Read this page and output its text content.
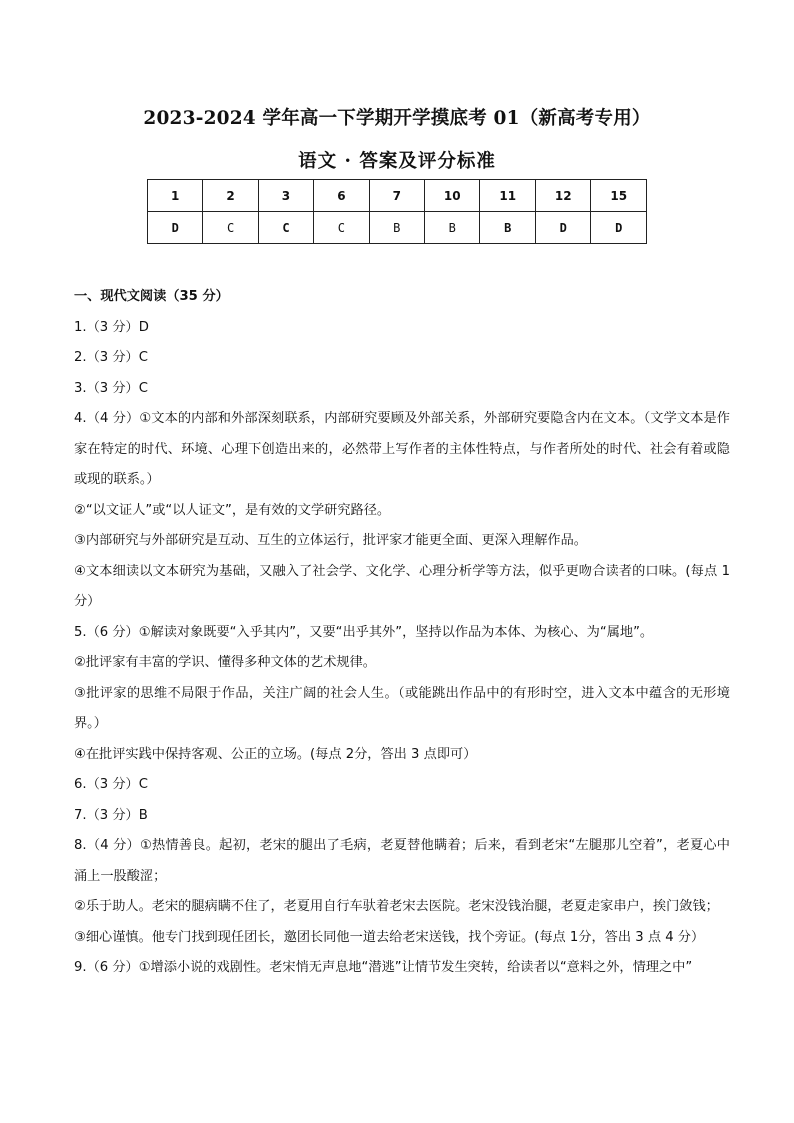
2023-2024 学年高一下学期开学摸底考 01（新高考专用）
语文 · 答案及评分标准
1	2	3	6	7	10	11	12	15
D	C	C	C	B	B	B	D	D

一、现代文阅读（35 分）

1.（3 分）D

2.（3 分）C

3.（3 分）C

4.（4 分）①文本的内部和外部深刻联系，内部研究要顾及外部关系，外部研究要隐含内在文本。（文学文本是作家在特定的时代、环境、心理下创造出来的，必然带上写作者的主体性特点，与作者所处的时代、社会有着或隐或现的联系。）

②“以文证人”或“以人证文”，是有效的文学研究路径。

③内部研究与外部研究是互动、互生的立体运行，批评家才能更全面、更深入理解作品。

④文本细读以文本研究为基础，又融入了社会学、文化学、心理分析学等方法，似乎更吻合读者的口味。(每点 1分）

5.（6 分）①解读对象既要“入乎其内”，又要“出乎其外”，坚持以作品为本体、为核心、为“属地”。

②批评家有丰富的学识、懂得多种文体的艺术规律。

③批评家的思维不局限于作品，关注广阔的社会人生。（或能跳出作品中的有形时空，进入文本中蕴含的无形境界。）

④在批评实践中保持客观、公正的立场。(每点 2分，答出 3 点即可）

6.（3 分）C

7.（3 分）B

8.（4 分）①热情善良。起初，老宋的腿出了毛病，老夏替他瞒着；后来，看到老宋“左腿那儿空着”，老夏心中涌上一股酸涩；

②乐于助人。老宋的腿病瞒不住了，老夏用自行车驮着老宋去医院。老宋没钱治腿，老夏走家串户，挨门敛钱；

③细心谨慎。他专门找到现任团长，邀团长同他一道去给老宋送钱，找个旁证。(每点 1分，答出 3 点 4 分）

9.（6 分）①增添小说的戏剧性。老宋悄无声息地“潜逃”让情节发生突转，给读者以“意料之外，情理之中”
